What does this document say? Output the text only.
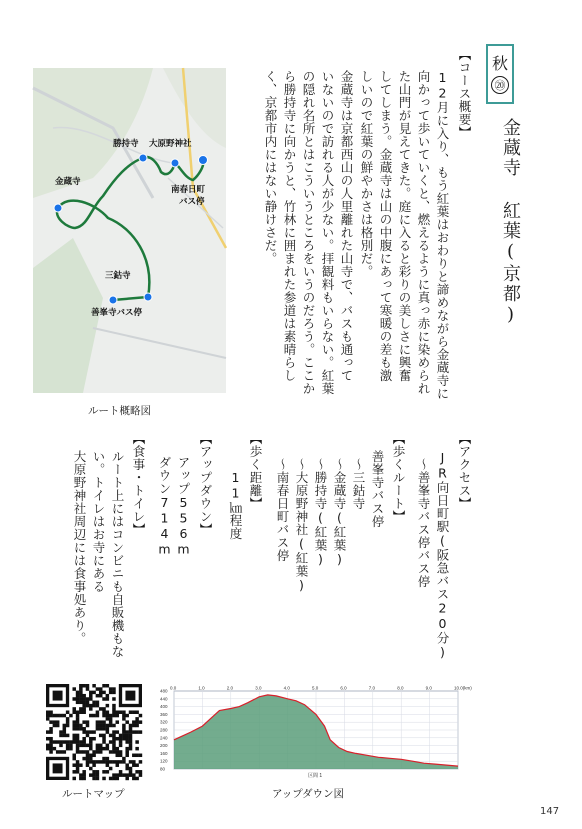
秋
⑳
金蔵寺 紅葉(京都)
【コース概要】
12月に入り、もう紅葉はおわりと諦めながら金蔵寺に
向かって歩いていくと、燃えるように真っ赤に染められ
た山門が見えてきた。庭に入ると彩りの美しさに興奮
してしまう。金蔵寺は山の中腹にあって寒暖の差も激
しいので紅葉の鮮やかさは格別だ。
金蔵寺は京都西山の人里離れた山寺で、バスも通って
いないので訪れる人が少ない。拝観料もいらない。紅葉
の隠れ名所とはこういうところをいうのだろう。ここか
ら勝持寺に向かうと、竹林に囲まれた参道は素晴らし
く、京都市内にはない静けさだ。
【アクセス】
JR向日町駅(阪急バス20分)
～善峯寺バス停バス停
【歩くルート】
善峯寺バス停
～三鈷寺
～金蔵寺(紅葉)
～勝持寺(紅葉)
～大原野神社(紅葉)
～南春日町バス停
【歩く距離】
11㎞程度
【アップダウン】
アップ556m
ダウン714m
【食事・トイレ】
ルート上にはコンビニも自販機もな
い。トイレはお寺にある
大原野神社周辺には食事処あり。
勝持寺 大原野神社
金蔵寺
南春日町
バス停
三鈷寺
善峯寺バス停
ルート概略図
ルートマップ
0.0	1.0	2.0	3.0	4.0	5.0	6.0	7.0	8.0	9.0	10.0(km)
480
440
400
360
320
280
240
200
160
120
80
区間 1
アップダウン図
147
